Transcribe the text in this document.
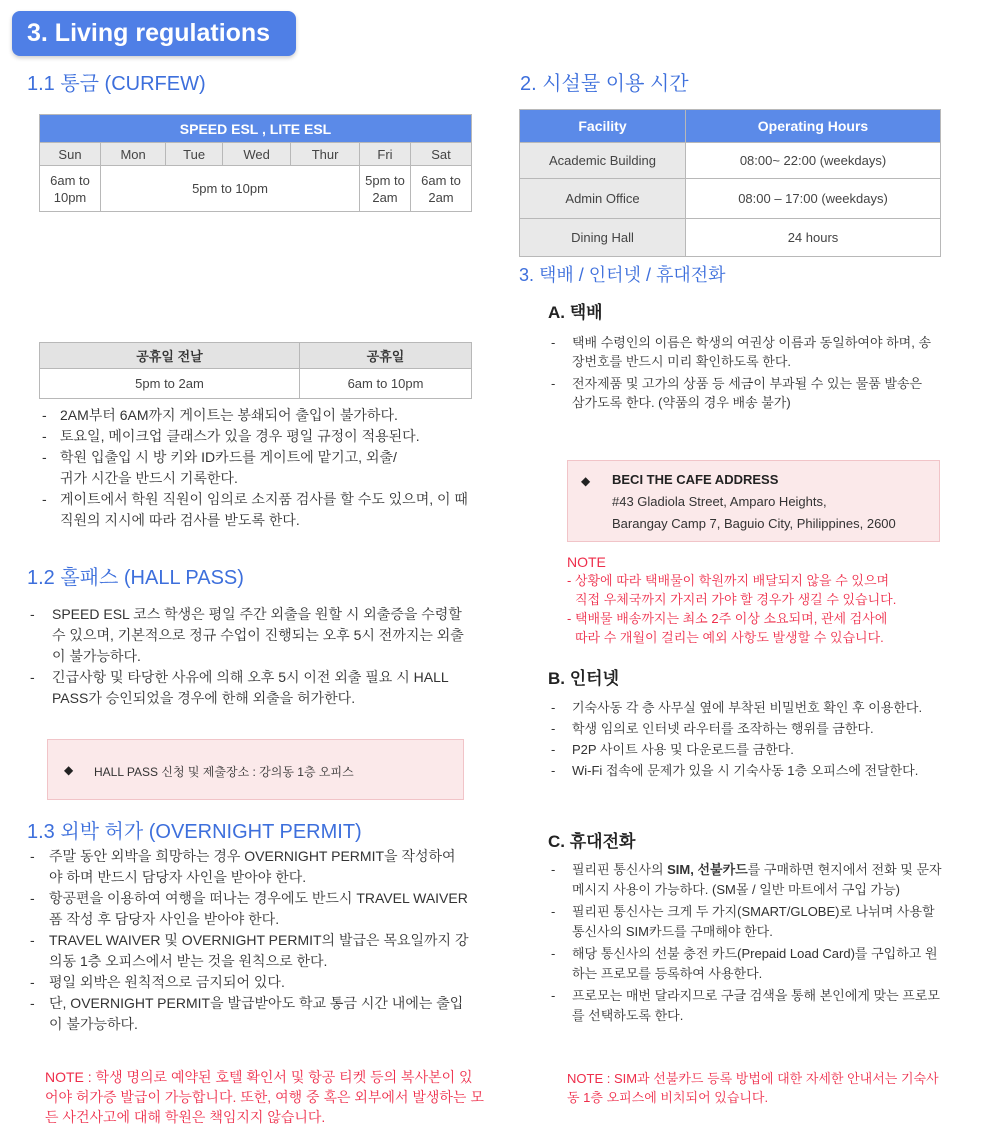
3. Living regulations
1.1 통금 (CURFEW)
SPEED ESL , LITE ESL						
Sun	Mon	Tue	Wed	Thur	Fri	Sat
6am to 10pm	5pm to 10pm				5pm to 2am	6am to 2am
공휴일 전날	공휴일
5pm to 2am	6am to 10pm
- 2AM부터 6AM까지 게이트는 봉쇄되어 출입이 불가하다.
- 토요일, 메이크업 클래스가 있을 경우 평일 규정이 적용된다.
- 학원 입출입 시 방 키와 ID카드를 게이트에 맡기고, 외출/귀가 시간을 반드시 기록한다.
- 게이트에서 학원 직원이 임의로 소지품 검사를 할 수도 있으며, 이 때 직원의 지시에 따라 검사를 받도록 한다.
1.2 홀패스 (HALL PASS)
- SPEED ESL 코스 학생은 평일 주간 외출을 원할 시 외출증을 수령할 수 있으며, 기본적으로 정규 수업이 진행되는 오후 5시 전까지는 외출이 불가능하다.
- 긴급사항 및 타당한 사유에 의해 오후 5시 이전 외출 필요 시 HALL PASS가 승인되었을 경우에 한해 외출을 허가한다.
◆ HALL PASS 신청 및 제출장소 : 강의동 1층 오피스
1.3 외박 허가 (OVERNIGHT PERMIT)
- 주말 동안 외박을 희망하는 경우 OVERNIGHT PERMIT을 작성하여야 하며 반드시 담당자 사인을 받아야 한다.
- 항공편을 이용하여 여행을 떠나는 경우에도 반드시 TRAVEL WAIVER 폼 작성 후 담당자 사인을 받아야 한다.
- TRAVEL WAIVER 및 OVERNIGHT PERMIT의 발급은 목요일까지 강의동 1층 오피스에서 받는 것을 원칙으로 한다.
- 평일 외박은 원칙적으로 금지되어 있다.
- 단, OVERNIGHT PERMIT을 발급받아도 학교 통금 시간 내에는 출입이 불가능하다.
NOTE : 학생 명의로 예약된 호텔 확인서 및 항공 티켓 등의 복사본이 있어야 허가증 발급이 가능합니다. 또한, 여행 중 혹은 외부에서 발생하는 모든 사건사고에 대해 학원은 책임지지 않습니다.
2. 시설물 이용 시간
Facility	Operating Hours
Academic Building	08:00~ 22:00 (weekdays)
Admin Office	08:00 – 17:00 (weekdays)
Dining Hall	24 hours
3. 택배 / 인터넷 / 휴대전화
A. 택배
- 택배 수령인의 이름은 학생의 여권상 이름과 동일하여야 하며, 송장번호를 반드시 미리 확인하도록 한다.
- 전자제품 및 고가의 상품 등 세금이 부과될 수 있는 물품 발송은 삼가도록 한다. (약품의 경우 배송 불가)
◆ BECI THE CAFE ADDRESS
#43 Gladiola Street, Amparo Heights,
Barangay Camp 7, Baguio City, Philippines, 2600
NOTE
- 상황에 따라 택배물이 학원까지 배달되지 않을 수 있으며
직접 우체국까지 가지러 가야 할 경우가 생길 수 있습니다.
- 택배물 배송까지는 최소 2주 이상 소요되며, 관세 검사에
따라 수 개월이 걸리는 예외 사항도 발생할 수 있습니다.
B. 인터넷
- 기숙사동 각 층 사무실 옆에 부착된 비밀번호 확인 후 이용한다.
- 학생 임의로 인터넷 라우터를 조작하는 행위를 금한다.
- P2P 사이트 사용 및 다운로드를 금한다.
- Wi-Fi 접속에 문제가 있을 시 기숙사동 1층 오피스에 전달한다.
C. 휴대전화
- 필리핀 통신사의 SIM, 선불카드를 구매하면 현지에서 전화 및 문자 메시지 사용이 가능하다. (SM몰 / 일반 마트에서 구입 가능)
- 필리핀 통신사는 크게 두 가지(SMART/GLOBE)로 나뉘며 사용할 통신사의 SIM카드를 구매해야 한다.
- 해당 통신사의 선불 충전 카드(Prepaid Load Card)를 구입하고 원하는 프로모를 등록하여 사용한다.
- 프로모는 매번 달라지므로 구글 검색을 통해 본인에게 맞는 프로모를 선택하도록 한다.
NOTE : SIM과 선불카드 등록 방법에 대한 자세한 안내서는 기숙사동 1층 오피스에 비치되어 있습니다.
